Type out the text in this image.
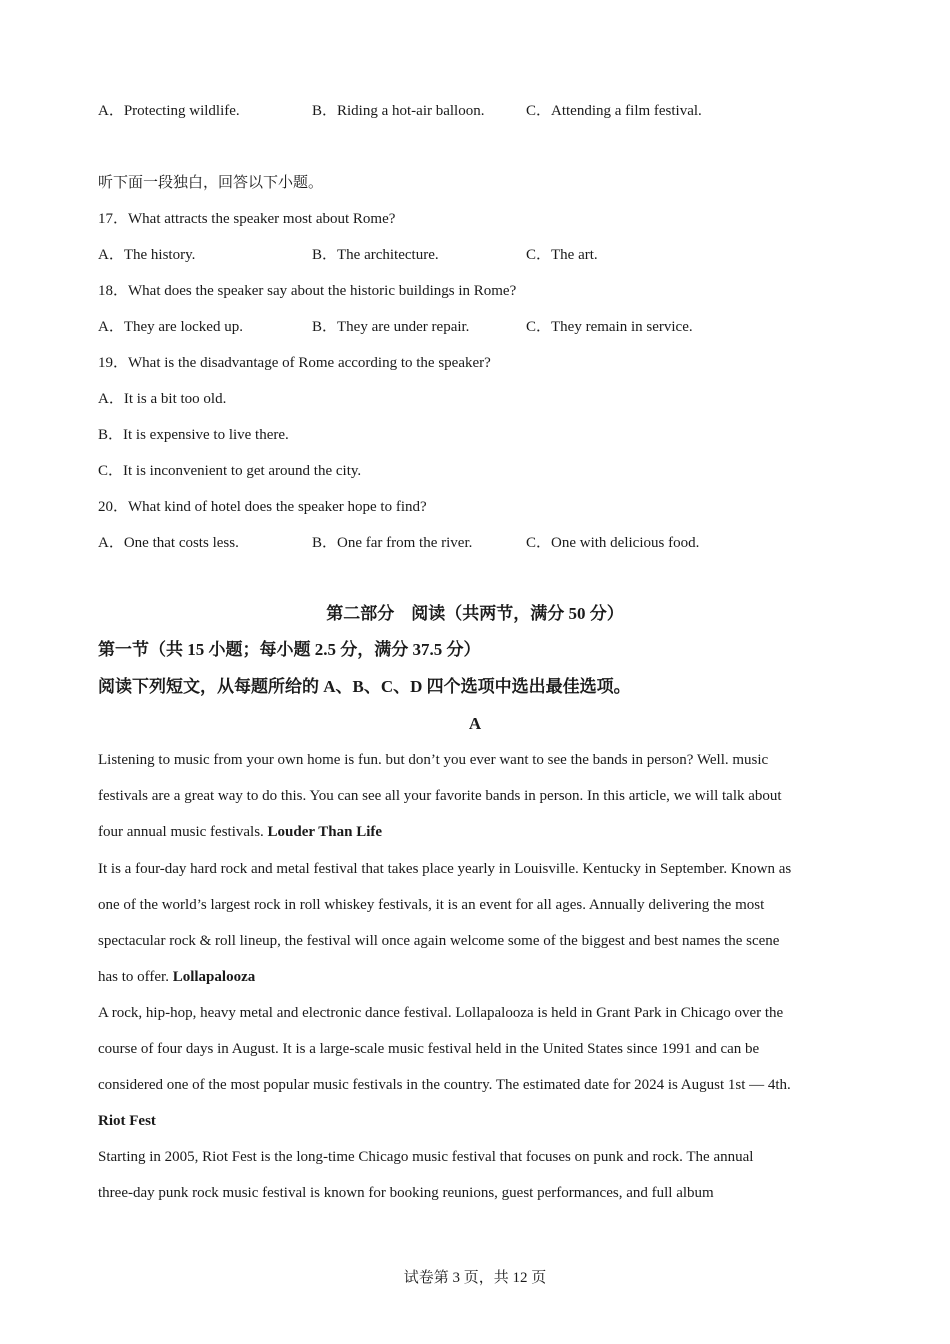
A．Protecting wildlife.	B．Riding a hot-air balloon.	C．Attending a film festival.
听下面一段独白，回答以下小题。
17．What attracts the speaker most about Rome?
A．The history.	B．The architecture.	C．The art.
18．What does the speaker say about the historic buildings in Rome?
A．They are locked up.	B．They are under repair.	C．They remain in service.
19．What is the disadvantage of Rome according to the speaker?
A．It is a bit too old.
B．It is expensive to live there.
C．It is inconvenient to get around the city.
20．What kind of hotel does the speaker hope to find?
A．One that costs less.	B．One far from the river.	C．One with delicious food.
第二部分　阅读（共两节，满分 50 分）
第一节（共 15 小题；每小题 2.5 分，满分 37.5 分）
阅读下列短文，从每题所给的 A、B、C、D 四个选项中选出最佳选项。
A
Listening to music from your own home is fun. but don’t you ever want to see the bands in person? Well. music
festivals are a great way to do this. You can see all your favorite bands in person. In this article, we will talk about
four annual music festivals. Louder Than Life
It is a four-day hard rock and metal festival that takes place yearly in Louisville. Kentucky in September. Known as
one of the world’s largest rock in roll whiskey festivals, it is an event for all ages. Annually delivering the most
spectacular rock & roll lineup, the festival will once again welcome some of the biggest and best names the scene
has to offer. Lollapalooza
A rock, hip-hop, heavy metal and electronic dance festival. Lollapalooza is held in Grant Park in Chicago over the
course of four days in August. It is a large-scale music festival held in the United States since 1991 and can be
considered one of the most popular music festivals in the country. The estimated date for 2024 is August 1st — 4th.
Riot Fest
Starting in 2005, Riot Fest is the long-time Chicago music festival that focuses on punk and rock. The annual
three-day punk rock music festival is known for booking reunions, guest performances, and full album
试卷第 3 页，共 12 页
